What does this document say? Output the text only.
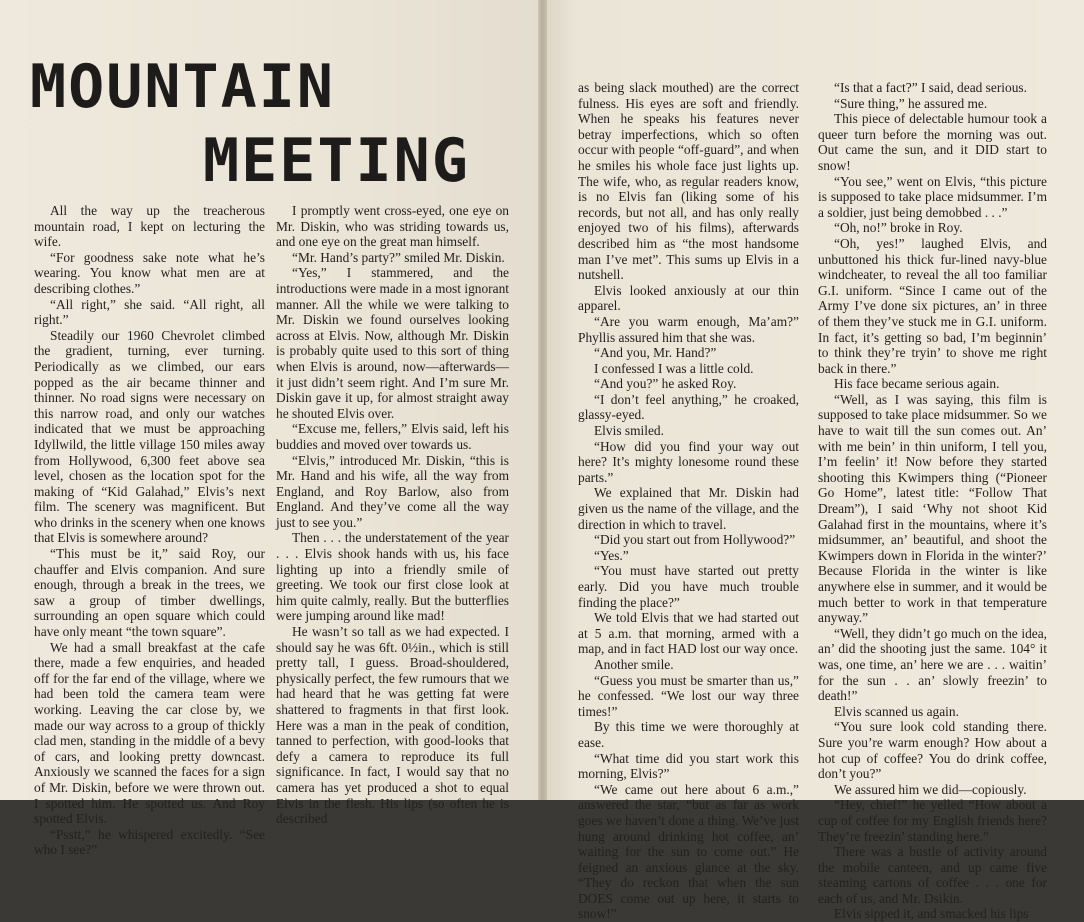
MOUNTAIN
MEETING

All the way up the treacherous mountain road, I kept on lecturing the wife.

“For goodness sake note what he’s wearing. You know what men are at describing clothes.”

“All right,” she said. “All right, all right.”

Steadily our 1960 Chevrolet climbed the gradient, turning, ever turning. Periodically as we climbed, our ears popped as the air became thinner and thinner. No road signs were necessary on this narrow road, and only our watches indicated that we must be approaching Idyllwild, the little village 150 miles away from Hollywood, 6,300 feet above sea level, chosen as the location spot for the making of “Kid Galahad,” Elvis’s next film. The scenery was magnificent. But who drinks in the scenery when one knows that Elvis is somewhere around?

“This must be it,” said Roy, our chauffer and Elvis companion. And sure enough, through a break in the trees, we saw a group of timber dwellings, surrounding an open square which could have only meant “the town square”.

We had a small breakfast at the cafe there, made a few enquiries, and headed off for the far end of the village, where we had been told the camera team were working. Leaving the car close by, we made our way across to a group of thickly clad men, standing in the middle of a bevy of cars, and looking pretty downcast. Anxiously we scanned the faces for a sign of Mr. Diskin, before we were thrown out. I spotted him. He spotted us. And Roy spotted Elvis.

“Psstt,” he whispered excitedly. “See who I see?”

I promptly went cross-eyed, one eye on Mr. Diskin, who was striding towards us, and one eye on the great man himself.

“Mr. Hand’s party?” smiled Mr. Diskin.

“Yes,” I stammered, and the introductions were made in a most ignorant manner. All the while we were talking to Mr. Diskin we found ourselves looking across at Elvis. Now, although Mr. Diskin is probably quite used to this sort of thing when Elvis is around, now—afterwards—it just didn’t seem right. And I’m sure Mr. Diskin gave it up, for almost straight away he shouted Elvis over.

“Excuse me, fellers,” Elvis said, left his buddies and moved over towards us.

“Elvis,” introduced Mr. Diskin, “this is Mr. Hand and his wife, all the way from England, and Roy Barlow, also from England. And they’ve come all the way just to see you.”

Then . . . the understatement of the year . . . Elvis shook hands with us, his face lighting up into a friendly smile of greeting. We took our first close look at him quite calmly, really. But the butterflies were jumping around like mad!

He wasn’t so tall as we had expected. I should say he was 6ft. 0½in., which is still pretty tall, I guess. Broad-shouldered, physically perfect, the few rumours that we had heard that he was getting fat were shattered to fragments in that first look. Here was a man in the peak of condition, tanned to perfection, with good-looks that defy a camera to reproduce its full significance. In fact, I would say that no camera has yet produced a shot to equal Elvis in the flesh. His lips (so often he is described

as being slack mouthed) are the correct fulness. His eyes are soft and friendly. When he speaks his features never betray imperfections, which so often occur with people “off-guard”, and when he smiles his whole face just lights up. The wife, who, as regular readers know, is no Elvis fan (liking some of his records, but not all, and has only really enjoyed two of his films), afterwards described him as “the most handsome man I’ve met”. This sums up Elvis in a nutshell.

Elvis looked anxiously at our thin apparel.

“Are you warm enough, Ma’am?” Phyllis assured him that she was.

“And you, Mr. Hand?”

I confessed I was a little cold.

“And you?” he asked Roy.

“I don’t feel anything,” he croaked, glassy-eyed.

Elvis smiled.

“How did you find your way out here? It’s mighty lonesome round these parts.”

We explained that Mr. Diskin had given us the name of the village, and the direction in which to travel.

“Did you start out from Hollywood?”

“Yes.”

“You must have started out pretty early. Did you have much trouble finding the place?”

We told Elvis that we had started out at 5 a.m. that morning, armed with a map, and in fact HAD lost our way once.

Another smile.

“Guess you must be smarter than us,” he confessed. “We lost our way three times!”

By this time we were thoroughly at ease.

“What time did you start work this morning, Elvis?”

“We came out here about 6 a.m.,” answered the star, “but as far as work goes we haven’t done a thing. We’ve just hung around drinking hot coffee, an’ waiting for the sun to come out.” He feigned an anxious glance at the sky. “They do reckon that when the sun DOES come out up here, it starts to snow!”

“Is that a fact?” I said, dead serious.

“Sure thing,” he assured me.

This piece of delectable humour took a queer turn before the morning was out. Out came the sun, and it DID start to snow!

“You see,” went on Elvis, “this picture is supposed to take place midsummer. I’m a soldier, just being demobbed . . .”

“Oh, no!” broke in Roy.

“Oh, yes!” laughed Elvis, and unbuttoned his thick fur-lined navy-blue windcheater, to reveal the all too familiar G.I. uniform. “Since I came out of the Army I’ve done six pictures, an’ in three of them they’ve stuck me in G.I. uniform. In fact, it’s getting so bad, I’m beginnin’ to think they’re tryin’ to shove me right back in there.”

His face became serious again.

“Well, as I was saying, this film is supposed to take place midsummer. So we have to wait till the sun comes out. An’ with me bein’ in thin uniform, I tell you, I’m feelin’ it! Now before they started shooting this Kwimpers thing (“Pioneer Go Home”, latest title: “Follow That Dream”), I said ‘Why not shoot Kid Galahad first in the mountains, where it’s midsummer, an’ beautiful, and shoot the Kwimpers down in Florida in the winter?’ Because Florida in the winter is like anywhere else in summer, and it would be much better to work in that temperature anyway.”

“Well, they didn’t go much on the idea, an’ did the shooting just the same. 104° it was, one time, an’ here we are . . . waitin’ for the sun . . an’ slowly freezin’ to death!”

Elvis scanned us again.

“You sure look cold standing there. Sure you’re warm enough? How about a hot cup of coffee? You do drink coffee, don’t you?”

We assured him we did—copiously.

“Hey, chief!” he yelled “How about a cup of coffee for my English friends here? They’re freezin’ standing here.”

There was a bustle of activity around the mobile canteen, and up came five steaming cartons of coffee . . . one for each of us, and Mr. Dsikin.

Elvis sipped it, and smacked his lips
